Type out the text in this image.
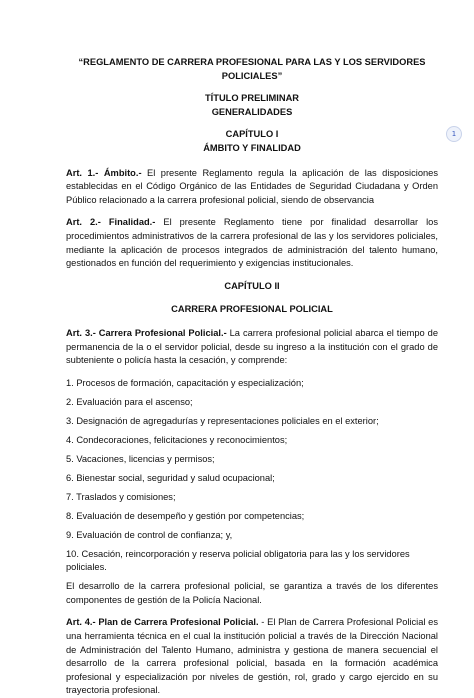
“REGLAMENTO DE CARRERA PROFESIONAL PARA LAS Y LOS SERVIDORES POLICIALES”
TÍTULO PRELIMINAR
GENERALIDADES
CAPÍTULO I
ÁMBITO Y FINALIDAD

Art. 1.- Ámbito.- El presente Reglamento regula la aplicación de las disposiciones establecidas en el Código Orgánico de las Entidades de Seguridad Ciudadana y Orden Público relacionado a la carrera profesional policial, siendo de observancia

Art. 2.- Finalidad.- El presente Reglamento tiene por finalidad desarrollar los procedimientos administrativos de la carrera profesional de las y los servidores policiales, mediante la aplicación de procesos integrados de administración del talento humano, gestionados en función del requerimiento y exigencias institucionales.

CAPÍTULO II
CARRERA PROFESIONAL POLICIAL

Art. 3.- Carrera Profesional Policial.- La carrera profesional policial abarca el tiempo de permanencia de la o el servidor policial, desde su ingreso a la institución con el grado de subteniente o policía hasta la cesación, y comprende:

1. Procesos de formación, capacitación y especialización;
2. Evaluación para el ascenso;
3. Designación de agregadurías y representaciones policiales en el exterior;
4. Condecoraciones, felicitaciones y reconocimientos;
5. Vacaciones, licencias y permisos;
6. Bienestar social, seguridad y salud ocupacional;
7. Traslados y comisiones;
8. Evaluación de desempeño y gestión por competencias;
9. Evaluación de control de confianza; y,
10. Cesación, reincorporación y reserva policial obligatoria para las y los servidores policiales.

El desarrollo de la carrera profesional policial, se garantiza a través de los diferentes componentes de gestión de la Policía Nacional.

Art. 4.- Plan de Carrera Profesional Policial. - El Plan de Carrera Profesional Policial es una herramienta técnica en el cual la institución policial a través de la Dirección Nacional de Administración del Talento Humano, administra y gestiona de manera secuencial el desarrollo de la carrera profesional policial, basada en la formación académica profesional y especialización por niveles de gestión, rol, grado y cargo ejercido en su trayectoria profesional.

1
